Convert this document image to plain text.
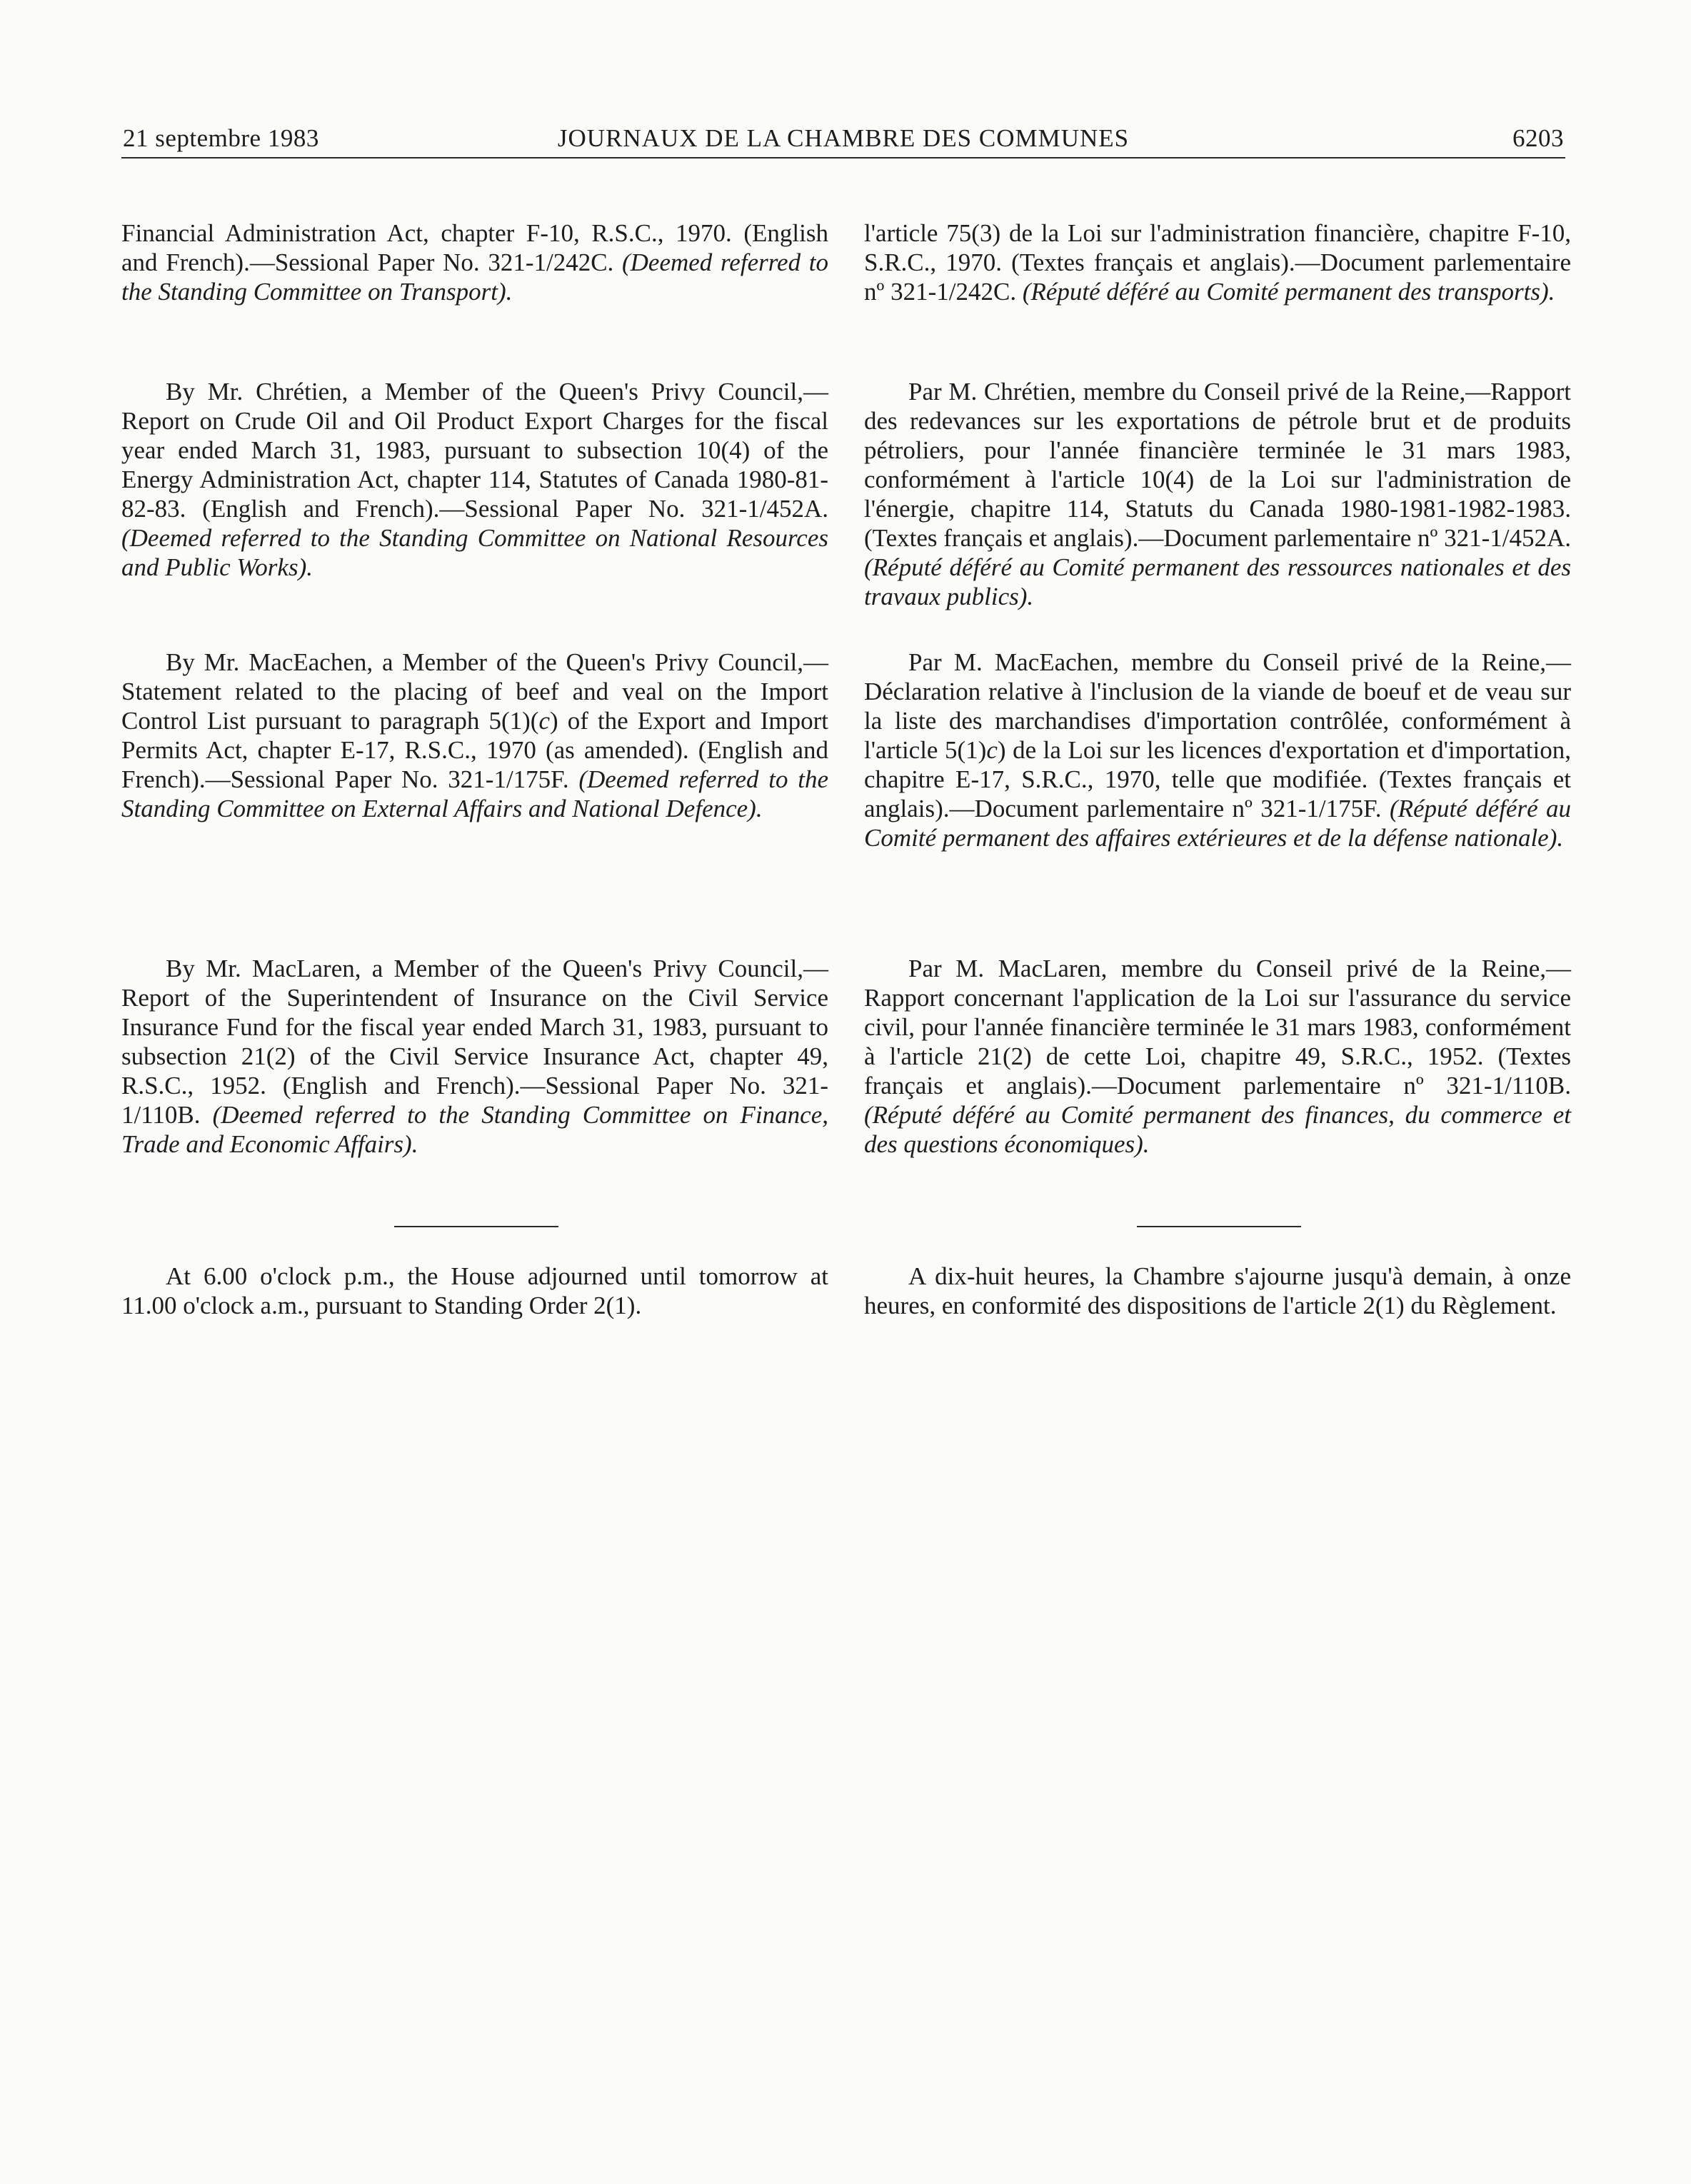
21 septembre 1983	JOURNAUX DE LA CHAMBRE DES COMMUNES	6203

Financial Administration Act, chapter F-10, R.S.C., 1970. (English and French).—Sessional Paper No. 321-1/242C. (Deemed referred to the Standing Committee on Transport).

By Mr. Chrétien, a Member of the Queen's Privy Council,—Report on Crude Oil and Oil Product Export Charges for the fiscal year ended March 31, 1983, pursuant to subsection 10(4) of the Energy Administration Act, chapter 114, Statutes of Canada 1980-81-82-83. (English and French).—Sessional Paper No. 321-1/452A. (Deemed referred to the Standing Committee on National Resources and Public Works).

By Mr. MacEachen, a Member of the Queen's Privy Council,—Statement related to the placing of beef and veal on the Import Control List pursuant to paragraph 5(1)(c) of the Export and Import Permits Act, chapter E-17, R.S.C., 1970 (as amended). (English and French).—Sessional Paper No. 321-1/175F. (Deemed referred to the Standing Committee on External Affairs and National Defence).

By Mr. MacLaren, a Member of the Queen's Privy Council,—Report of the Superintendent of Insurance on the Civil Service Insurance Fund for the fiscal year ended March 31, 1983, pursuant to subsection 21(2) of the Civil Service Insurance Act, chapter 49, R.S.C., 1952. (English and French).—Sessional Paper No. 321-1/110B. (Deemed referred to the Standing Committee on Finance, Trade and Economic Affairs).

At 6.00 o'clock p.m., the House adjourned until tomorrow at 11.00 o'clock a.m., pursuant to Standing Order 2(1).

l'article 75(3) de la Loi sur l'administration financière, chapitre F-10, S.R.C., 1970. (Textes français et anglais).—Document parlementaire nº 321-1/242C. (Réputé déféré au Comité permanent des transports).

Par M. Chrétien, membre du Conseil privé de la Reine,—Rapport des redevances sur les exportations de pétrole brut et de produits pétroliers, pour l'année financière terminée le 31 mars 1983, conformément à l'article 10(4) de la Loi sur l'administration de l'énergie, chapitre 114, Statuts du Canada 1980-1981-1982-1983. (Textes français et anglais).—Document parlementaire nº 321-1/452A. (Réputé déféré au Comité permanent des ressources nationales et des travaux publics).

Par M. MacEachen, membre du Conseil privé de la Reine,—Déclaration relative à l'inclusion de la viande de boeuf et de veau sur la liste des marchandises d'importation contrôlée, conformément à l'article 5(1)c) de la Loi sur les licences d'exportation et d'importation, chapitre E-17, S.R.C., 1970, telle que modifiée. (Textes français et anglais).—Document parlementaire nº 321-1/175F. (Réputé déféré au Comité permanent des affaires extérieures et de la défense nationale).

Par M. MacLaren, membre du Conseil privé de la Reine,—Rapport concernant l'application de la Loi sur l'assurance du service civil, pour l'année financière terminée le 31 mars 1983, conformément à l'article 21(2) de cette Loi, chapitre 49, S.R.C., 1952. (Textes français et anglais).—Document parlementaire nº 321-1/110B. (Réputé déféré au Comité permanent des finances, du commerce et des questions économiques).

A dix-huit heures, la Chambre s'ajourne jusqu'à demain, à onze heures, en conformité des dispositions de l'article 2(1) du Règlement.
